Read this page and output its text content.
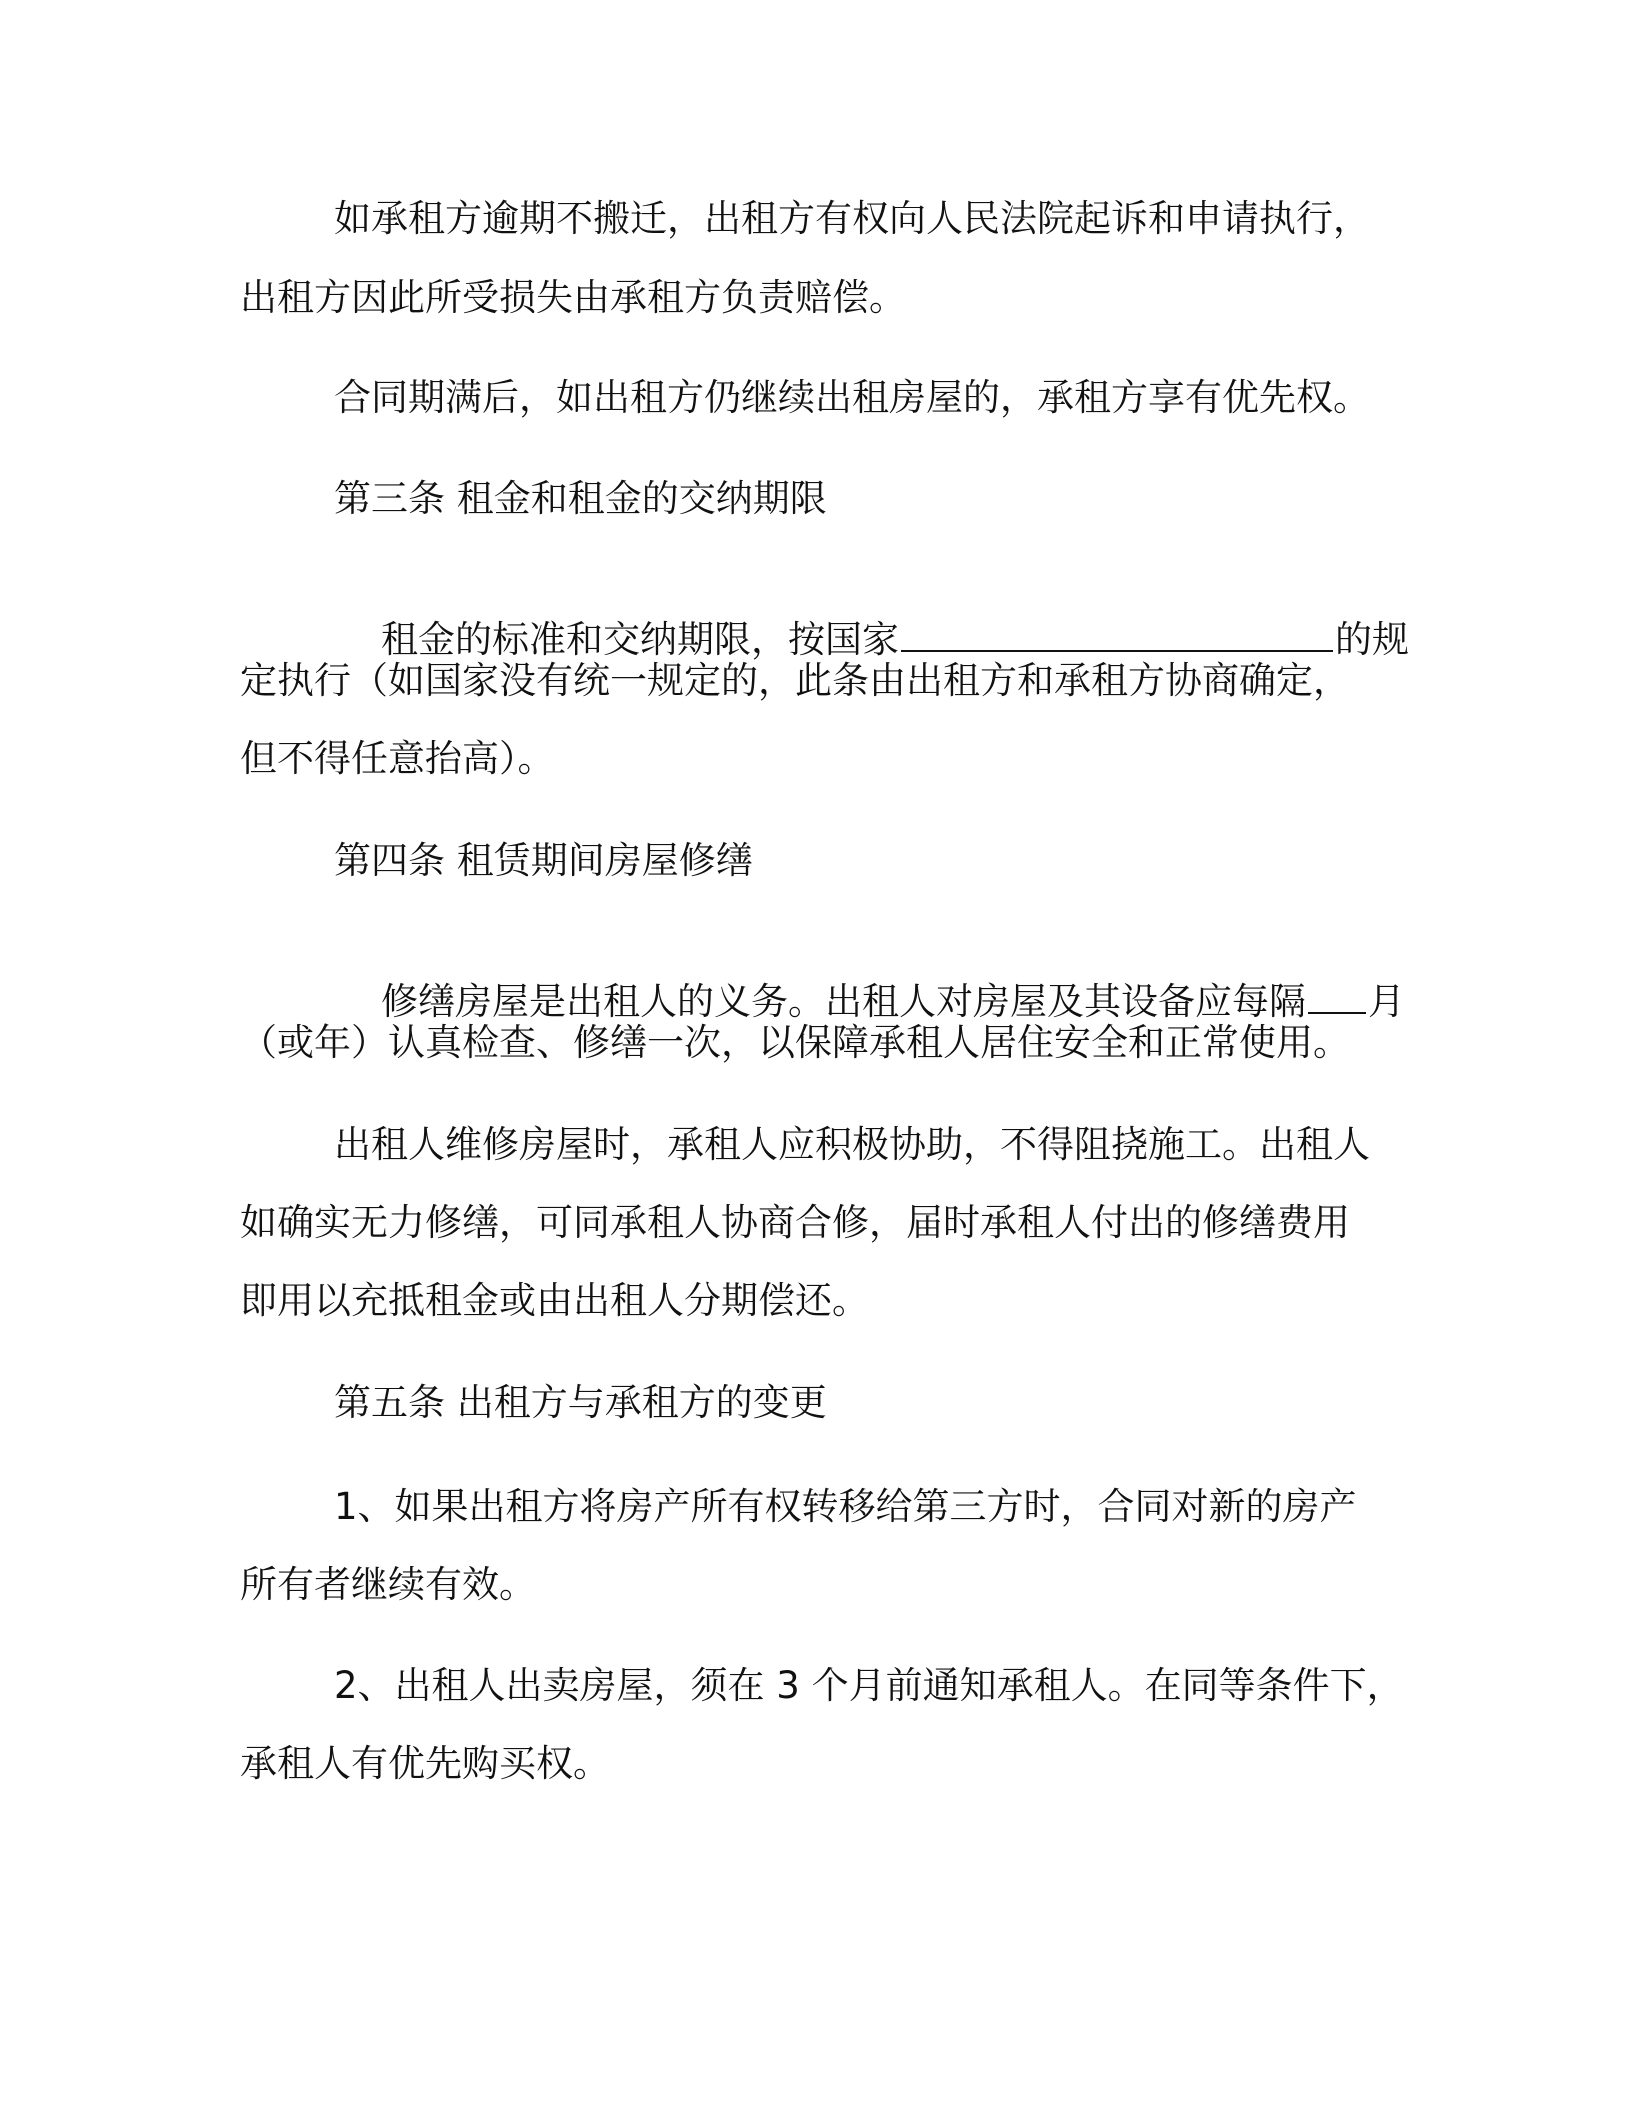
如承租方逾期不搬迁，出租方有权向人民法院起诉和申请执行，
出租方因此所受损失由承租方负责赔偿。
合同期满后，如出租方仍继续出租房屋的，承租方享有优先权。
第三条 租金和租金的交纳期限

租金的标准和交纳期限，按国家	的规

定执行（如国家没有统一规定的，此条由出租方和承租方协商确定，
但不得任意抬高）。
第四条 租赁期间房屋修缮

修缮房屋是出租人的义务。出租人对房屋及其设备应每隔 月

（或年）认真检查、修缮一次，以保障承租人居住安全和正常使用。
出租人维修房屋时，承租人应积极协助，不得阻挠施工。出租人
如确实无力修缮，可同承租人协商合修，届时承租人付出的修缮费用
即用以充抵租金或由出租人分期偿还。
第五条 出租方与承租方的变更
1、如果出租方将房产所有权转移给第三方时，合同对新的房产
所有者继续有效。
2、出租人出卖房屋，须在 3 个月前通知承租人。在同等条件下，
承租人有优先购买权。
